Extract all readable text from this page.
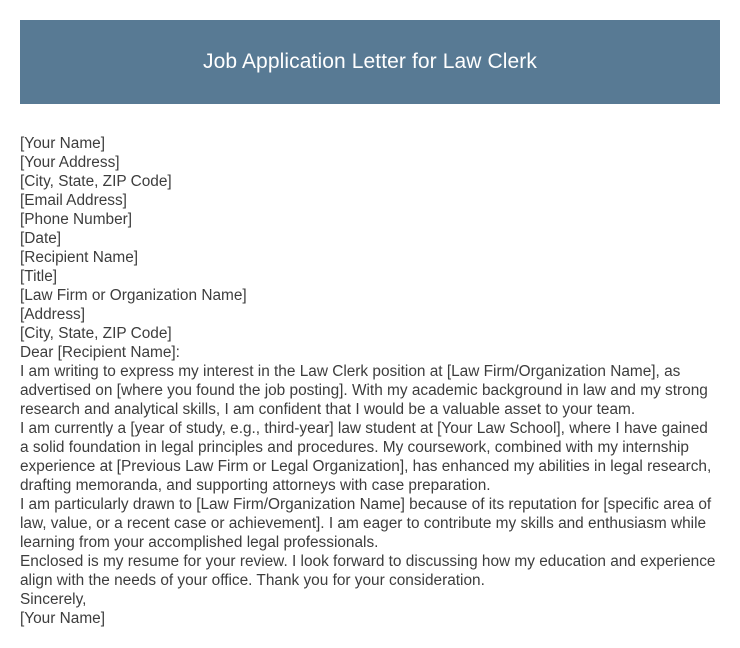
Job Application Letter for Law Clerk
[Your Name]
[Your Address]
[City, State, ZIP Code]
[Email Address]
[Phone Number]
[Date]
[Recipient Name]
[Title]
[Law Firm or Organization Name]
[Address]
[City, State, ZIP Code]
Dear [Recipient Name]:

I am writing to express my interest in the Law Clerk position at [Law Firm/Organization Name], as advertised on [where you found the job posting]. With my academic background in law and my strong research and analytical skills, I am confident that I would be a valuable asset to your team.

I am currently a [year of study, e.g., third-year] law student at [Your Law School], where I have gained a solid foundation in legal principles and procedures. My coursework, combined with my internship experience at [Previous Law Firm or Legal Organization], has enhanced my abilities in legal research, drafting memoranda, and supporting attorneys with case preparation.

I am particularly drawn to [Law Firm/Organization Name] because of its reputation for [specific area of law, value, or a recent case or achievement]. I am eager to contribute my skills and enthusiasm while learning from your accomplished legal professionals.

Enclosed is my resume for your review. I look forward to discussing how my education and experience align with the needs of your office. Thank you for your consideration.

Sincerely,
[Your Name]
